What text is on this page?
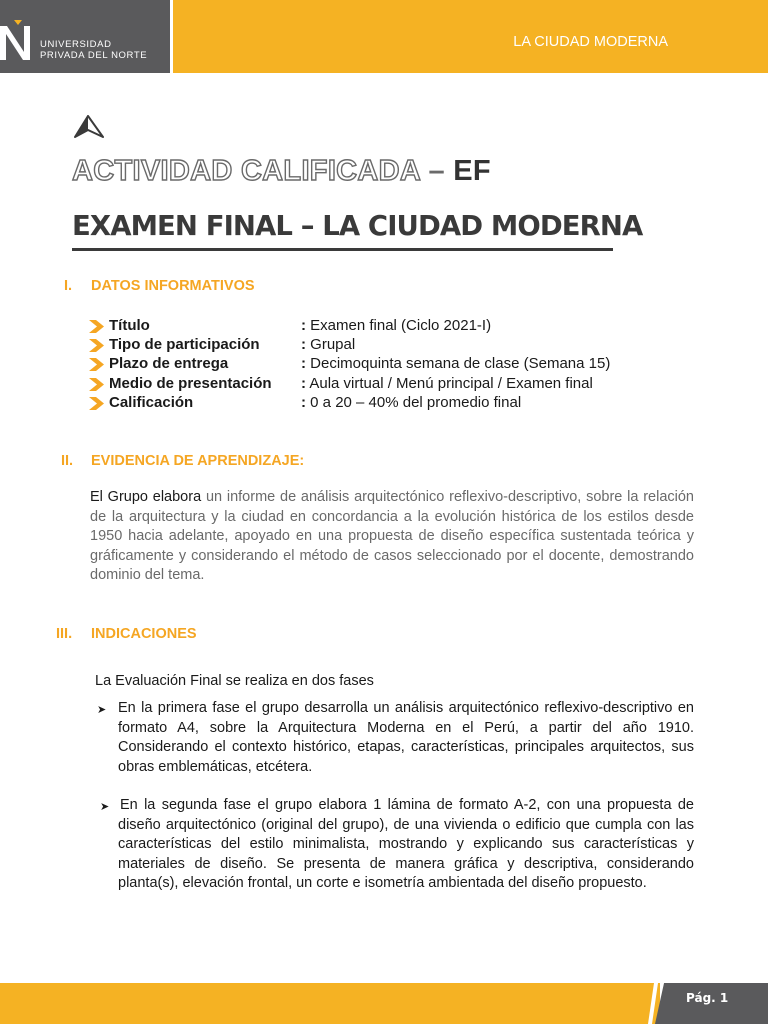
UNIVERSIDAD
PRIVADA DEL NORTE
LA CIUDAD MODERNA
ACTIVIDAD CALIFICADA – EF
EXAMEN FINAL – LA CIUDAD MODERNA
I. DATOS INFORMATIVOS
Título	: Examen final (Ciclo 2021-I)
Tipo de participación	: Grupal
Plazo de entrega	: Decimoquinta semana de clase (Semana 15)
Medio de presentación : Aula virtual / Menú principal / Examen final
Calificación	: 0 a 20 – 40% del promedio final
II. EVIDENCIA DE APRENDIZAJE:
El Grupo elabora un informe de análisis arquitectónico reflexivo-descriptivo, sobre la relación de la arquitectura y la ciudad en concordancia a la evolución histórica de los estilos desde 1950 hacia adelante, apoyado en una propuesta de diseño específica sustentada teórica y gráficamente y considerando el método de casos seleccionado por el docente, demostrando dominio del tema.
III. INDICACIONES
La Evaluación Final se realiza en dos fases
➤ En la primera fase el grupo desarrolla un análisis arquitectónico reflexivo-descriptivo en formato A4, sobre la Arquitectura Moderna en el Perú, a partir del año 1910. Considerando el contexto histórico, etapas, características, principales arquitectos, sus obras emblemáticas, etcétera.
➤ En la segunda fase el grupo elabora 1 lámina de formato A-2, con una propuesta de diseño arquitectónico (original del grupo), de una vivienda o edificio que cumpla con las características del estilo minimalista, mostrando y explicando sus características y materiales de diseño. Se presenta de manera gráfica y descriptiva, considerando planta(s), elevación frontal, un corte e isometría ambientada del diseño propuesto.
Pág. 1
